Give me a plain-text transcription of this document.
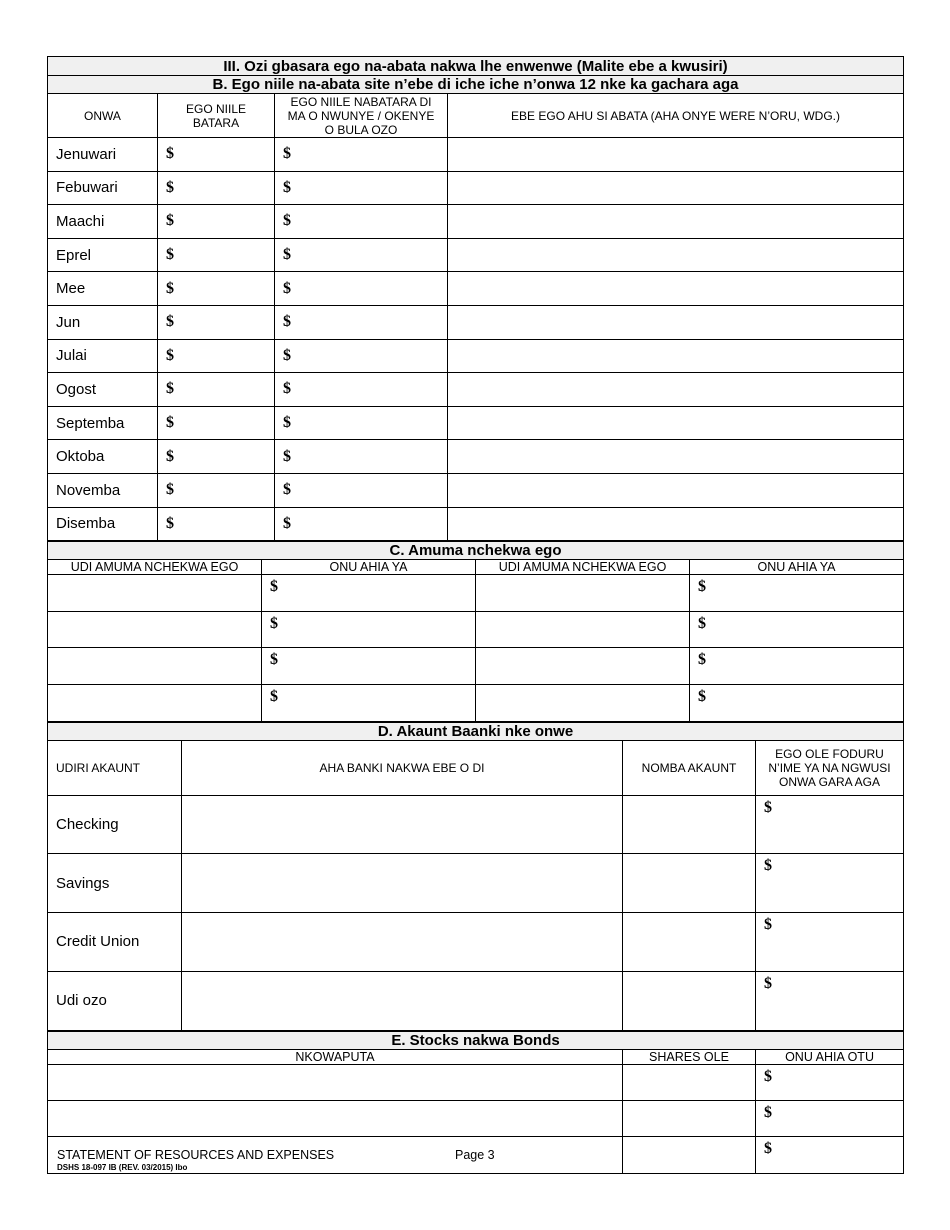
III. Ozi gbasara ego na-abata nakwa lhe enwenwe (Malite ebe a kwusiri)			
B. Ego niile na-abata site n’ebe di iche iche n’onwa 12 nke ka gachara aga			
ONWA	EGO NIILE BATARA	EGO NIILE NABATARA DI MA O NWUNYE / OKENYE O BULA OZO	EBE EGO AHU SI ABATA (AHA ONYE WERE N’ORU, WDG.)
Jenuwari	$	$	
Febuwari	$	$	
Maachi	$	$	
Eprel	$	$	
Mee	$	$	
Jun	$	$	
Julai	$	$	
Ogost	$	$	
Septemba	$	$	
Oktoba	$	$	
Novemba	$	$	
Disemba	$	$	
C. Amuma nchekwa ego			
UDI AMUMA NCHEKWA EGO	ONU AHIA YA	UDI AMUMA NCHEKWA EGO	ONU AHIA YA
	$		$
	$		$
	$		$
	$		$
D. Akaunt Baanki nke onwe			
UDIRI AKAUNT	AHA BANKI NAKWA EBE O DI	NOMBA AKAUNT	EGO OLE FODURU N’IME YA NA NGWUSI ONWA GARA AGA

Checking			$
Savings			$
Credit Union			$
Udi ozo			$
E. Stocks nakwa Bonds		
NKOWAPUTA	SHARES OLE	ONU AHIA OTU
		$
		$
		$
STATEMENT OF RESOURCES AND EXPENSES
DSHS 18-097 IB (REV. 03/2015) Ibo
Page 3
